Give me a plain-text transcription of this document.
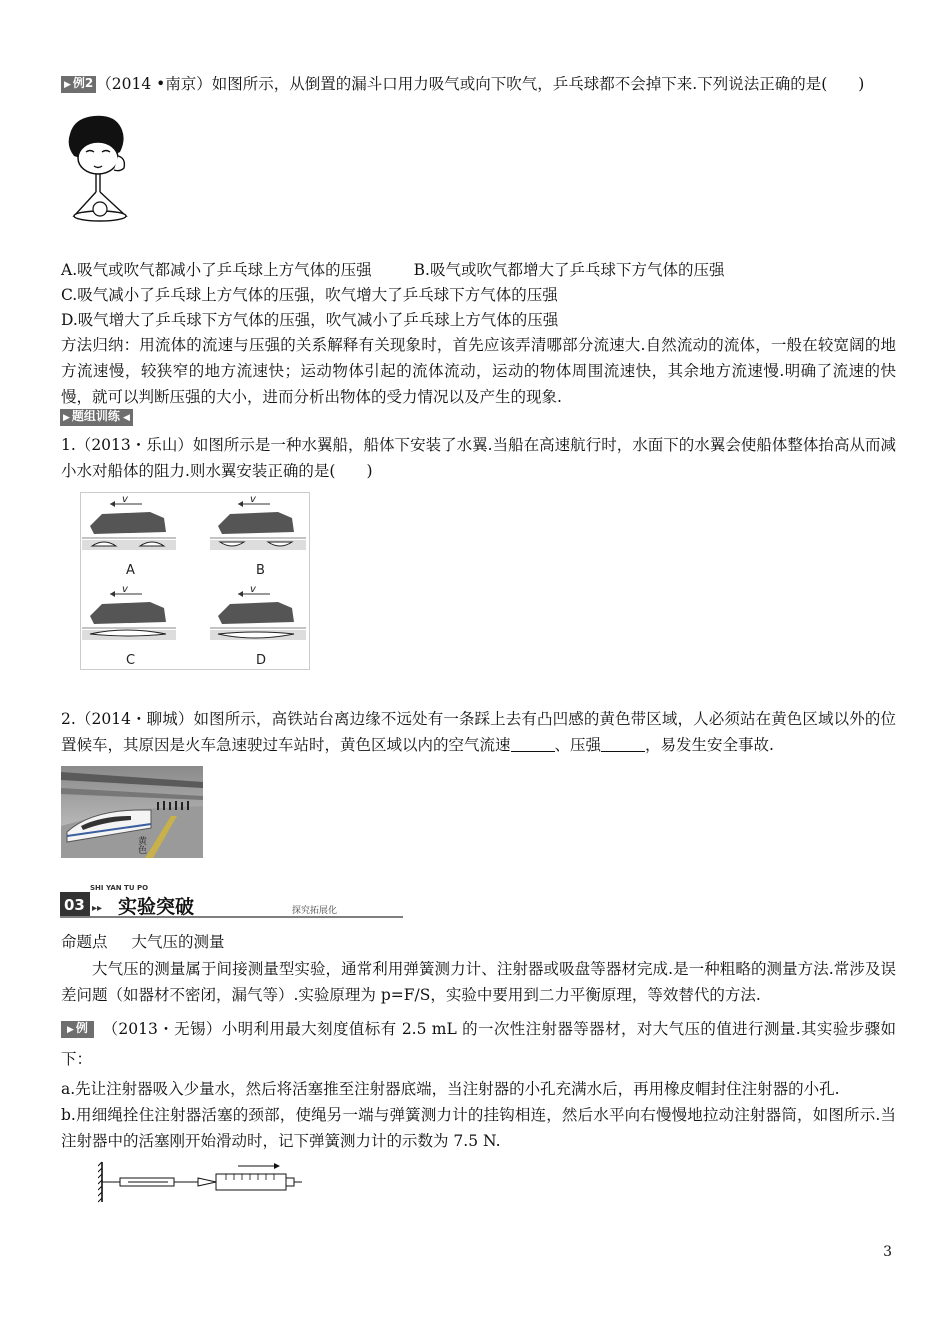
▶ 例2 （2014 •南京）如图所示，从倒置的漏斗口用力吸气或向下吹气，乒乓球都不会掉下来.下列说法正确的是(　　)
A.吸气或吹气都减小了乒乓球上方气体的压强	B.吸气或吹气都增大了乒乓球下方气体的压强
C.吸气减小了乒乓球上方气体的压强，吹气增大了乒乓球下方气体的压强
D.吸气增大了乒乓球下方气体的压强，吹气减小了乒乓球上方气体的压强
方法归纳：用流体的流速与压强的关系解释有关现象时，首先应该弄清哪部分流速大.自然流动的流体，一般在较宽阔的地方流速慢，较狭窄的地方流速快；运动物体引起的流体流动，运动的物体周围流速快，其余地方流速慢.明确了流速的快慢，就可以判断压强的大小，进而分析出物体的受力情况以及产生的现象.
▶ 题组训练 ◀
1.（2013・乐山）如图所示是一种水翼船，船体下安装了水翼.当船在高速航行时，水面下的水翼会使船体整体抬高从而减小水对船体的阻力.则水翼安装正确的是(　　)
v
A
v
B
v
C
v
D
2.（2014・聊城）如图所示，高铁站台离边缘不远处有一条踩上去有凸凹感的黄色带区域，人必须站在黄色区域以外的位置候车，其原因是火车急速驶过车站时，黄色区域以内的空气流速	、压强	，易发生安全事故.
黄色
03
SHI YAN TU PO
▸▸ 实验突破	探究拓展化
命题点 大气压的测量
大气压的测量属于间接测量型实验，通常利用弹簧测力计、注射器或吸盘等器材完成.是一种粗略的测量方法.常涉及误差问题（如器材不密闭，漏气等）.实验原理为 p=F/S，实验中要用到二力平衡原理，等效替代的方法.
▶ 例　 （2013・无锡）小明利用最大刻度值标有 2.5 mL 的一次性注射器等器材，对大气压的值进行测量.其实验步骤如下：
a.先让注射器吸入少量水，然后将活塞推至注射器底端，当注射器的小孔充满水后，再用橡皮帽封住注射器的小孔.
b.用细绳拴住注射器活塞的颈部，使绳另一端与弹簧测力计的挂钩相连，然后水平向右慢慢地拉动注射器筒，如图所示.当注射器中的活塞刚开始滑动时，记下弹簧测力计的示数为 7.5 N.
3
